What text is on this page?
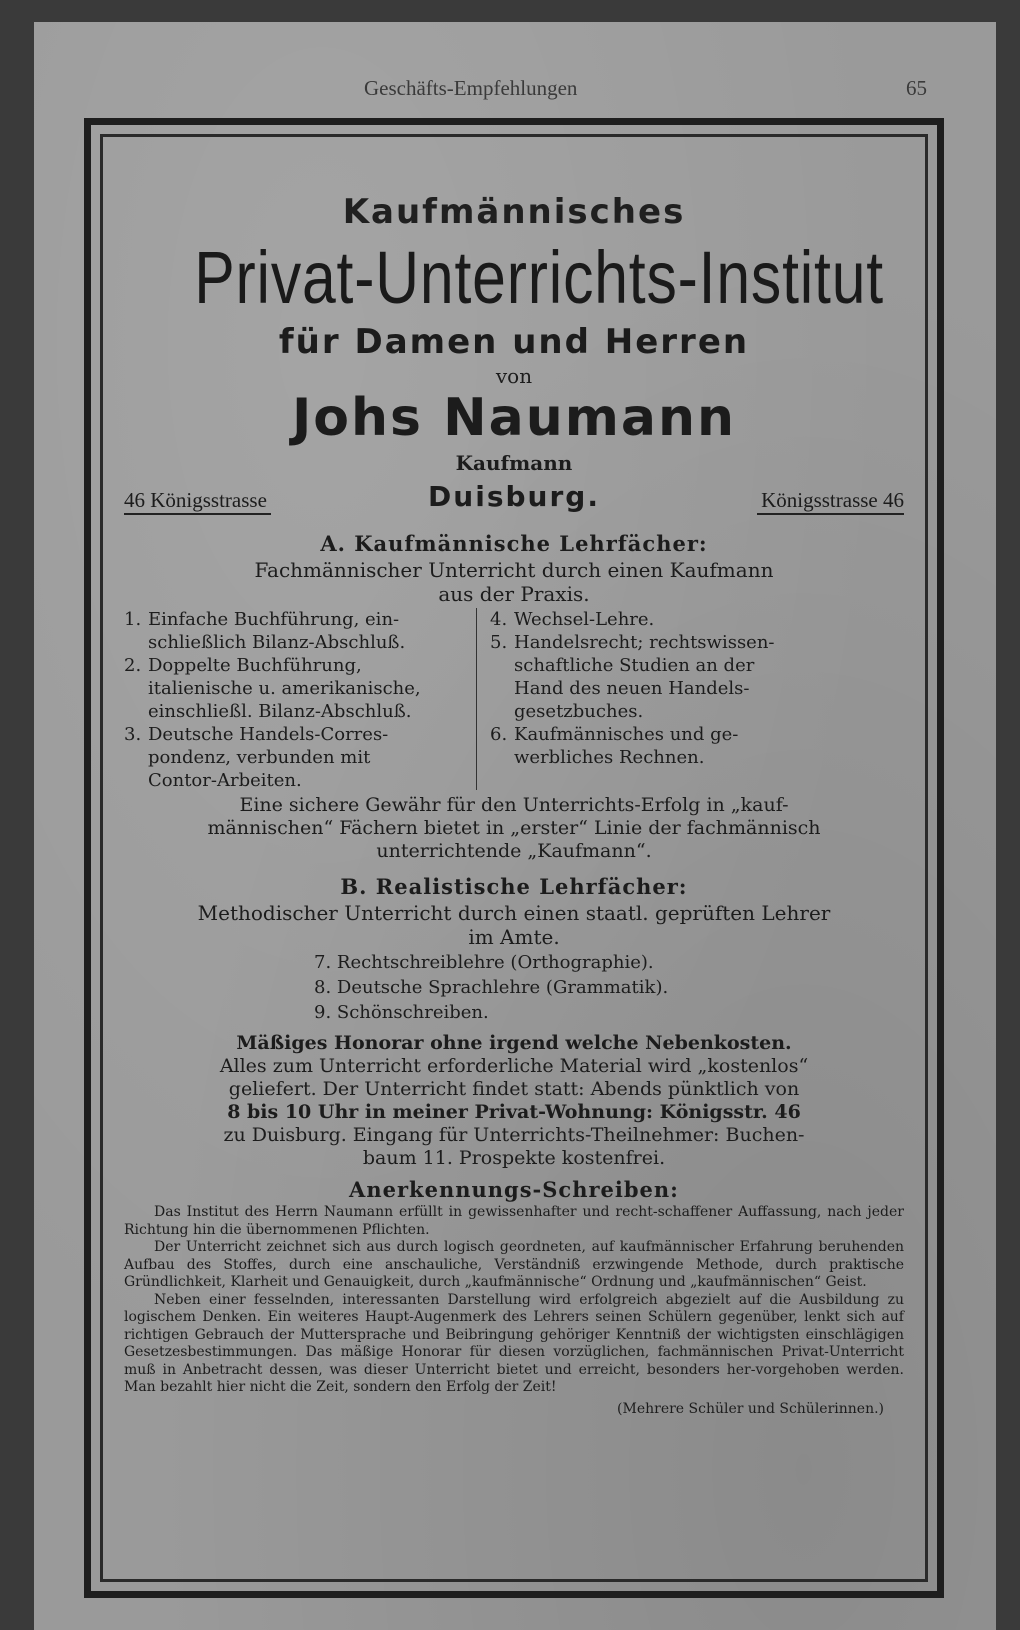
Geschäfts-Empfehlungen	65

Kaufmännisches

Privat-Unterrichts-Institut

für Damen und Herren

von

Johs Naumann

Kaufmann

46 Königsstrasse	Duisburg.	Königsstrasse 46

A. Kaufmännische Lehrfächer:

Fachmännischer Unterricht durch einen Kaufmann

aus der Praxis.

1. Einfache Buchführung, ein-
schließlich Bilanz-Abschluß.

2. Doppelte Buchführung,
italienische u. amerikanische,
einschließl. Bilanz-Abschluß.

3. Deutsche Handels-Corres-
pondenz, verbunden mit
Contor-Arbeiten.

4. Wechsel-Lehre.

5. Handelsrecht; rechtswissen-
schaftliche Studien an der
Hand des neuen Handels-
gesetzbuches.

6. Kaufmännisches und ge-
werbliches Rechnen.

Eine sichere Gewähr für den Unterrichts-Erfolg in „kauf-

männischen“ Fächern bietet in „erster“ Linie der fachmännisch

unterrichtende „Kaufmann“.

B. Realistische Lehrfächer:

Methodischer Unterricht durch einen staatl. geprüften Lehrer

im Amte.

7. Rechtschreiblehre (Orthographie).

8. Deutsche Sprachlehre (Grammatik).

9. Schönschreiben.

Mäßiges Honorar ohne irgend welche Nebenkosten.

Alles zum Unterricht erforderliche Material wird „kostenlos“

geliefert. Der Unterricht findet statt: Abends pünktlich von

8 bis 10 Uhr in meiner Privat-Wohnung: Königsstr. 46

zu Duisburg. Eingang für Unterrichts-Theilnehmer: Buchen-

baum 11. Prospekte kostenfrei.

Anerkennungs-Schreiben:

Das Institut des Herrn Naumann erfüllt in gewissenhafter und recht-schaffener Auffassung, nach jeder Richtung hin die übernommenen Pflichten.

Der Unterricht zeichnet sich aus durch logisch geordneten, auf kaufmännischer Erfahrung beruhenden Aufbau des Stoffes, durch eine anschauliche, Verständniß erzwingende Methode, durch praktische Gründlichkeit, Klarheit und Genauigkeit, durch „kaufmännische“ Ordnung und „kaufmännischen“ Geist.

Neben einer fesselnden, interessanten Darstellung wird erfolgreich abgezielt auf die Ausbildung zu logischem Denken. Ein weiteres Haupt-Augenmerk des Lehrers seinen Schülern gegenüber, lenkt sich auf richtigen Gebrauch der Muttersprache und Beibringung gehöriger Kenntniß der wichtigsten einschlägigen Gesetzesbestimmungen. Das mäßige Honorar für diesen vorzüglichen, fachmännischen Privat-Unterricht muß in Anbetracht dessen, was dieser Unterricht bietet und erreicht, besonders her-vorgehoben werden. Man bezahlt hier nicht die Zeit, sondern den Erfolg der Zeit!

(Mehrere Schüler und Schülerinnen.)
